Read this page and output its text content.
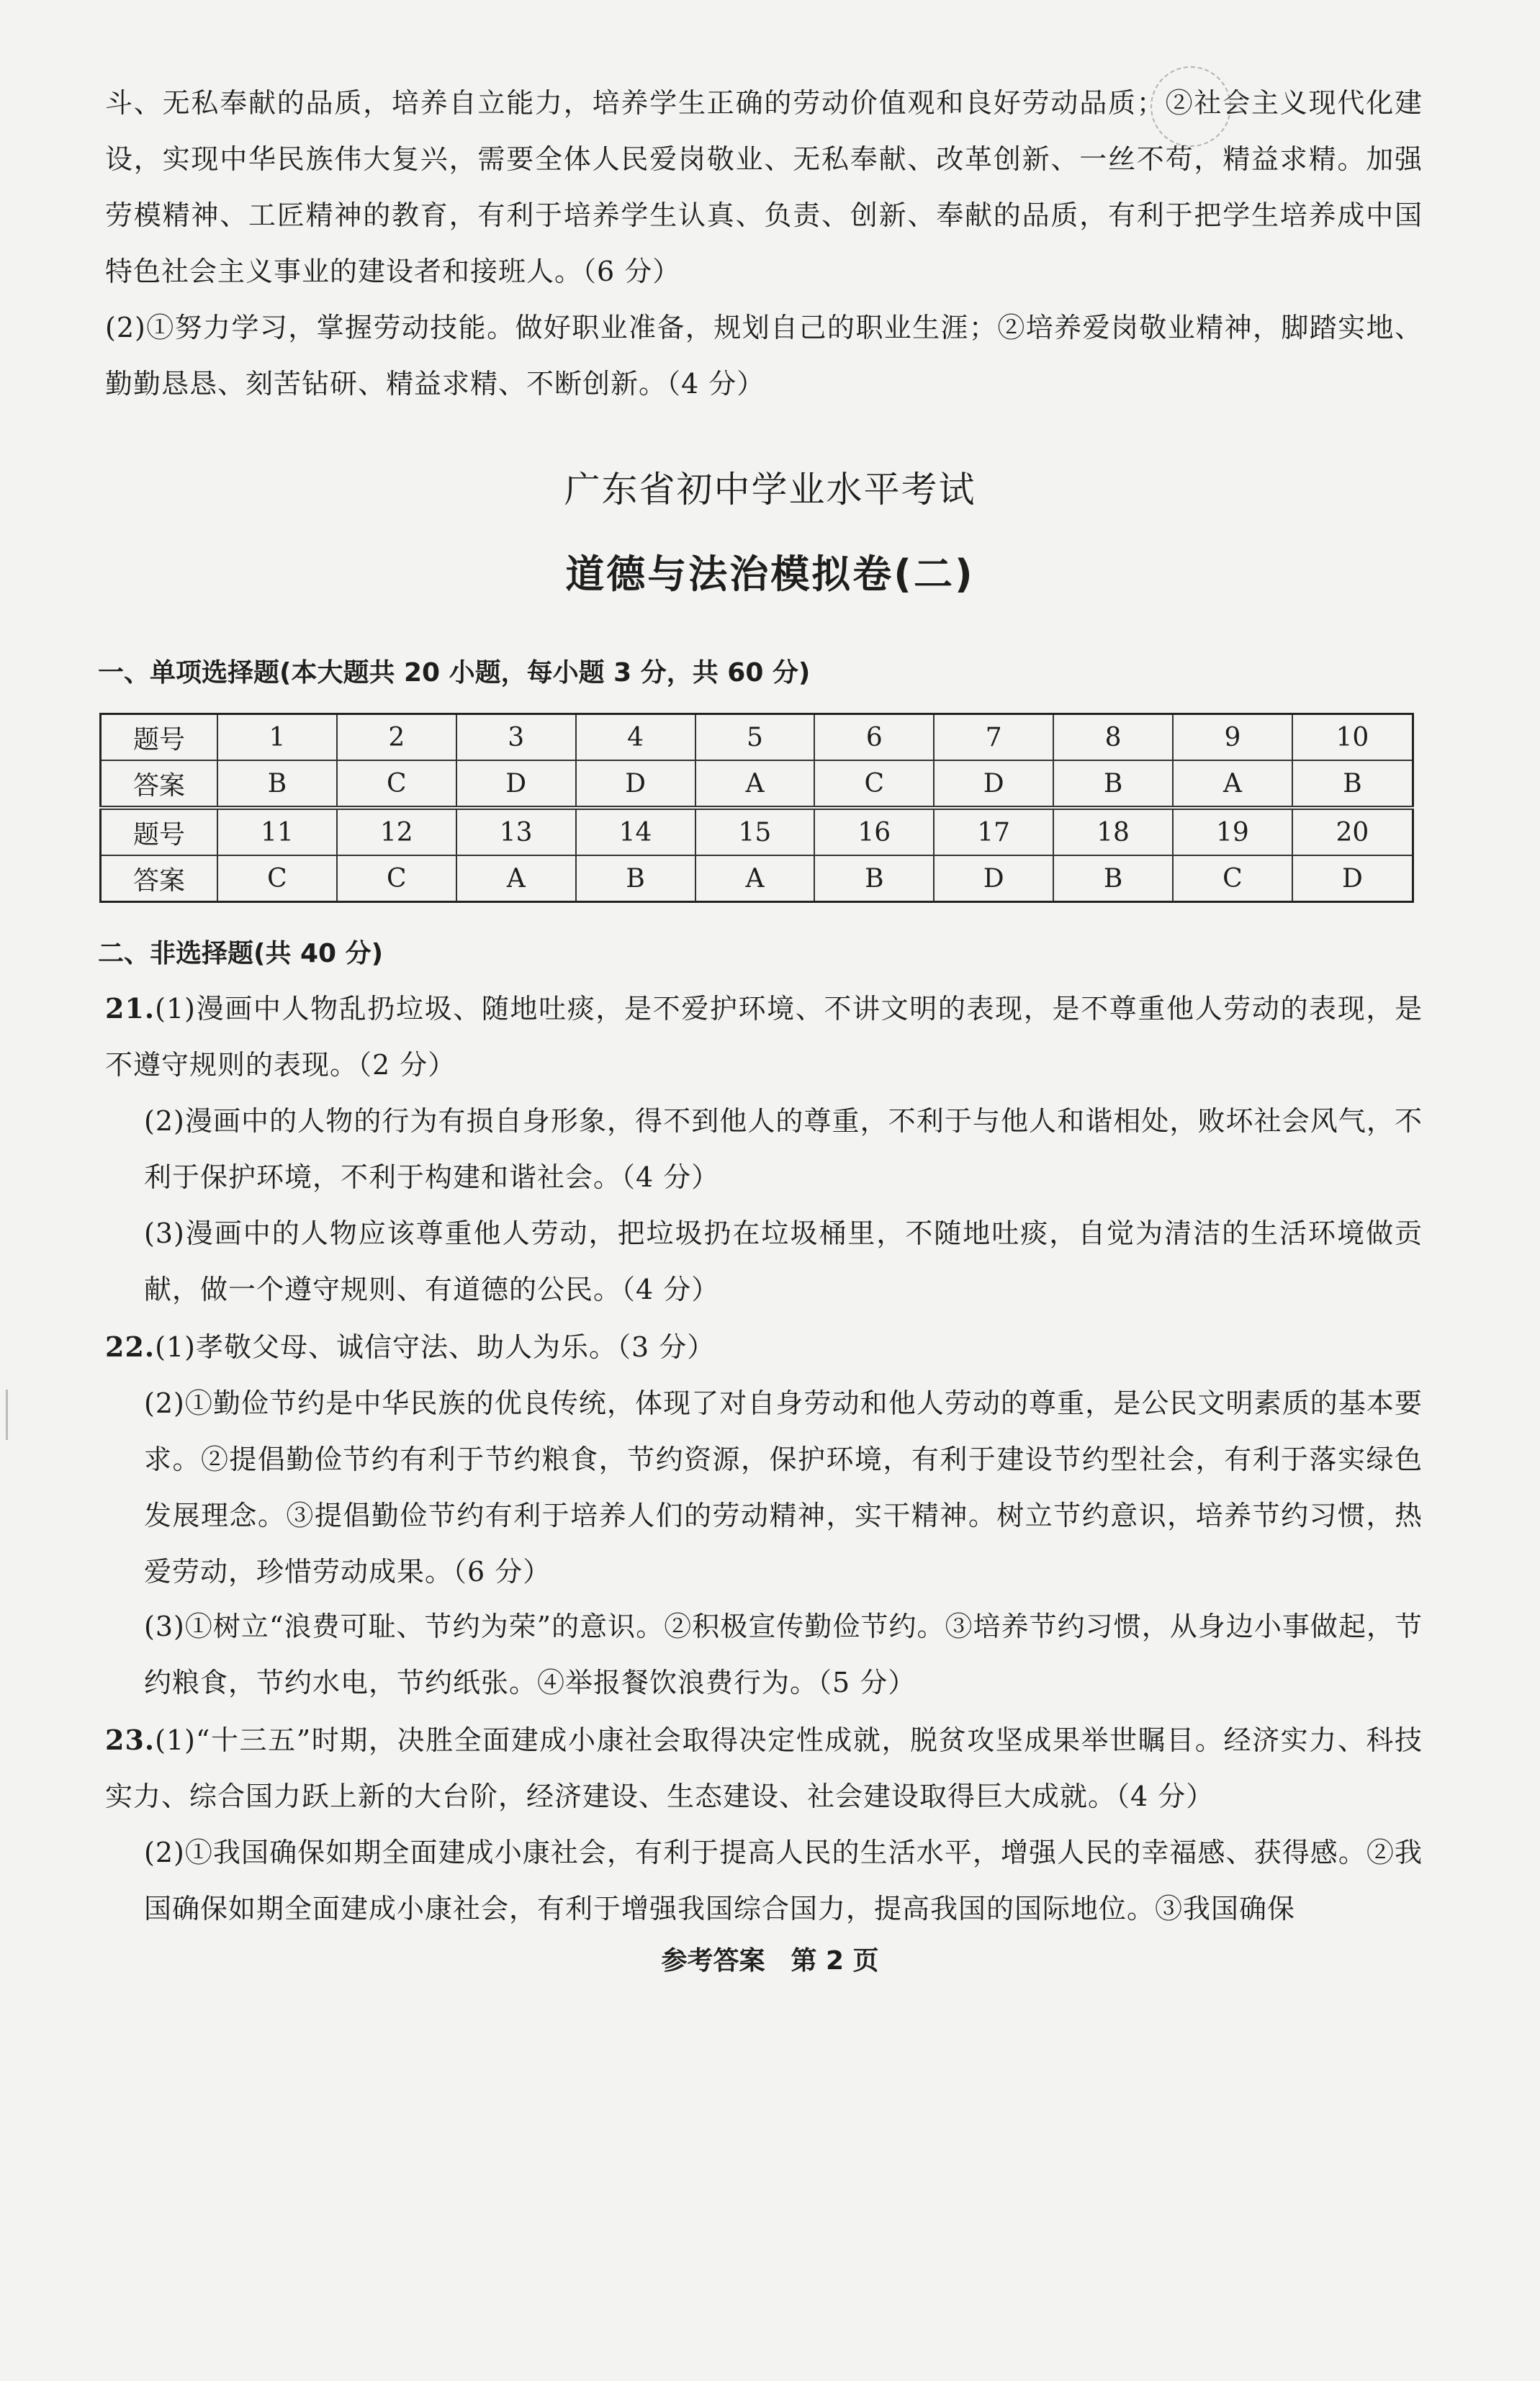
斗、无私奉献的品质，培养自立能力，培养学生正确的劳动价值观和良好劳动品质；②社会主义现代化建设，实现中华民族伟大复兴，需要全体人民爱岗敬业、无私奉献、改革创新、一丝不苟，精益求精。加强劳模精神、工匠精神的教育，有利于培养学生认真、负责、创新、奉献的品质，有利于把学生培养成中国特色社会主义事业的建设者和接班人。（6 分）

(2)①努力学习，掌握劳动技能。做好职业准备，规划自己的职业生涯；②培养爱岗敬业精神，脚踏实地、勤勤恳恳、刻苦钻研、精益求精、不断创新。（4 分）

广东省初中学业水平考试
道德与法治模拟卷(二)
一、单项选择题(本大题共 20 小题，每小题 3 分，共 60 分)
题号	1	2	3	4	5	6	7	8	9	10
答案	B	C	D	D	A	C	D	B	A	B
题号	11	12	13	14	15	16	17	18	19	20
答案	C	C	A	B	A	B	D	B	C	D
二、非选择题(共 40 分)

21.(1)漫画中人物乱扔垃圾、随地吐痰，是不爱护环境、不讲文明的表现，是不尊重他人劳动的表现，是不遵守规则的表现。（2 分）

(2)漫画中的人物的行为有损自身形象，得不到他人的尊重，不利于与他人和谐相处，败坏社会风气，不利于保护环境，不利于构建和谐社会。（4 分）

(3)漫画中的人物应该尊重他人劳动，把垃圾扔在垃圾桶里，不随地吐痰，自觉为清洁的生活环境做贡献，做一个遵守规则、有道德的公民。（4 分）

22.(1)孝敬父母、诚信守法、助人为乐。（3 分）

(2)①勤俭节约是中华民族的优良传统，体现了对自身劳动和他人劳动的尊重，是公民文明素质的基本要求。②提倡勤俭节约有利于节约粮食，节约资源，保护环境，有利于建设节约型社会，有利于落实绿色发展理念。③提倡勤俭节约有利于培养人们的劳动精神，实干精神。树立节约意识，培养节约习惯，热爱劳动，珍惜劳动成果。（6 分）

(3)①树立“浪费可耻、节约为荣”的意识。②积极宣传勤俭节约。③培养节约习惯，从身边小事做起，节约粮食，节约水电，节约纸张。④举报餐饮浪费行为。（5 分）

23.(1)“十三五”时期，决胜全面建成小康社会取得决定性成就，脱贫攻坚成果举世瞩目。经济实力、科技实力、综合国力跃上新的大台阶，经济建设、生态建设、社会建设取得巨大成就。（4 分）

(2)①我国确保如期全面建成小康社会，有利于提高人民的生活水平，增强人民的幸福感、获得感。②我国确保如期全面建成小康社会，有利于增强我国综合国力，提高我国的国际地位。③我国确保

参考答案　第 2 页
